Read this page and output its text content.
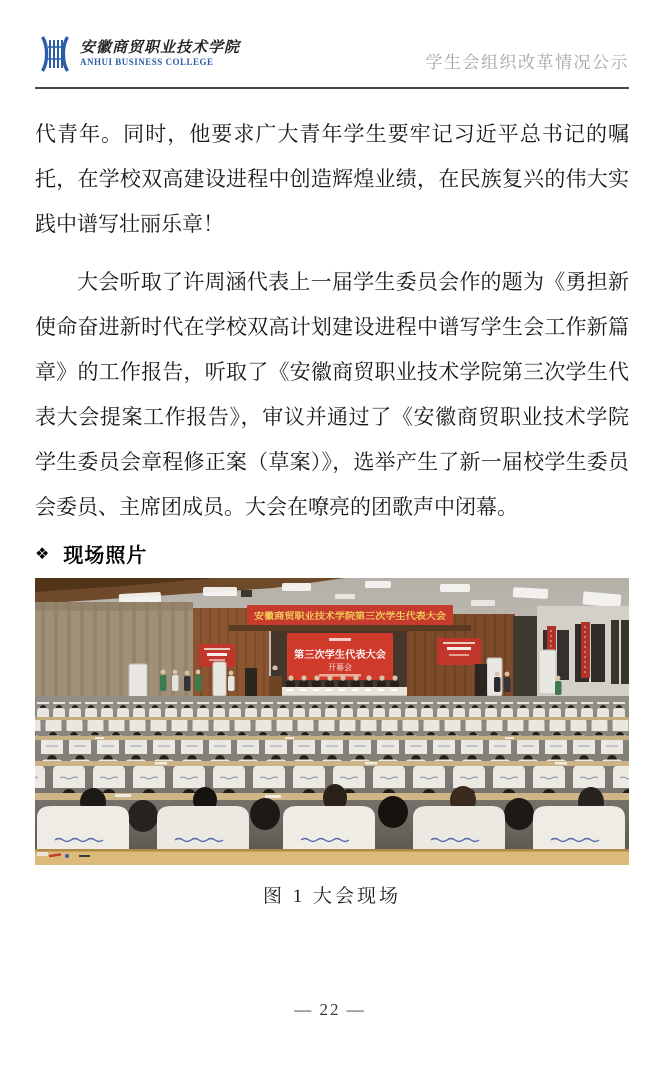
安徽商贸职业技术学院
ANHUI BUSINESS COLLEGE	学生会组织改革情况公示

代青年。同时，他要求广大青年学生要牢记习近平总书记的嘱托，在学校双高建设进程中创造辉煌业绩，在民族复兴的伟大实践中谱写壮丽乐章！

大会听取了许周涵代表上一届学生委员会作的题为《勇担新使命奋进新时代在学校双高计划建设进程中谱写学生会工作新篇章》的工作报告，听取了《安徽商贸职业技术学院第三次学生代表大会提案工作报告》，审议并通过了《安徽商贸职业技术学院学生委员会章程修正案（草案）》，选举产生了新一届校学生委员会委员、主席团成员。大会在嘹亮的团歌声中闭幕。

❖ 现场照片
安徽商贸职业技术学院第三次学生代表大会
第三次学生代表大会
开幕会
图 1 大会现场
— 22 —
